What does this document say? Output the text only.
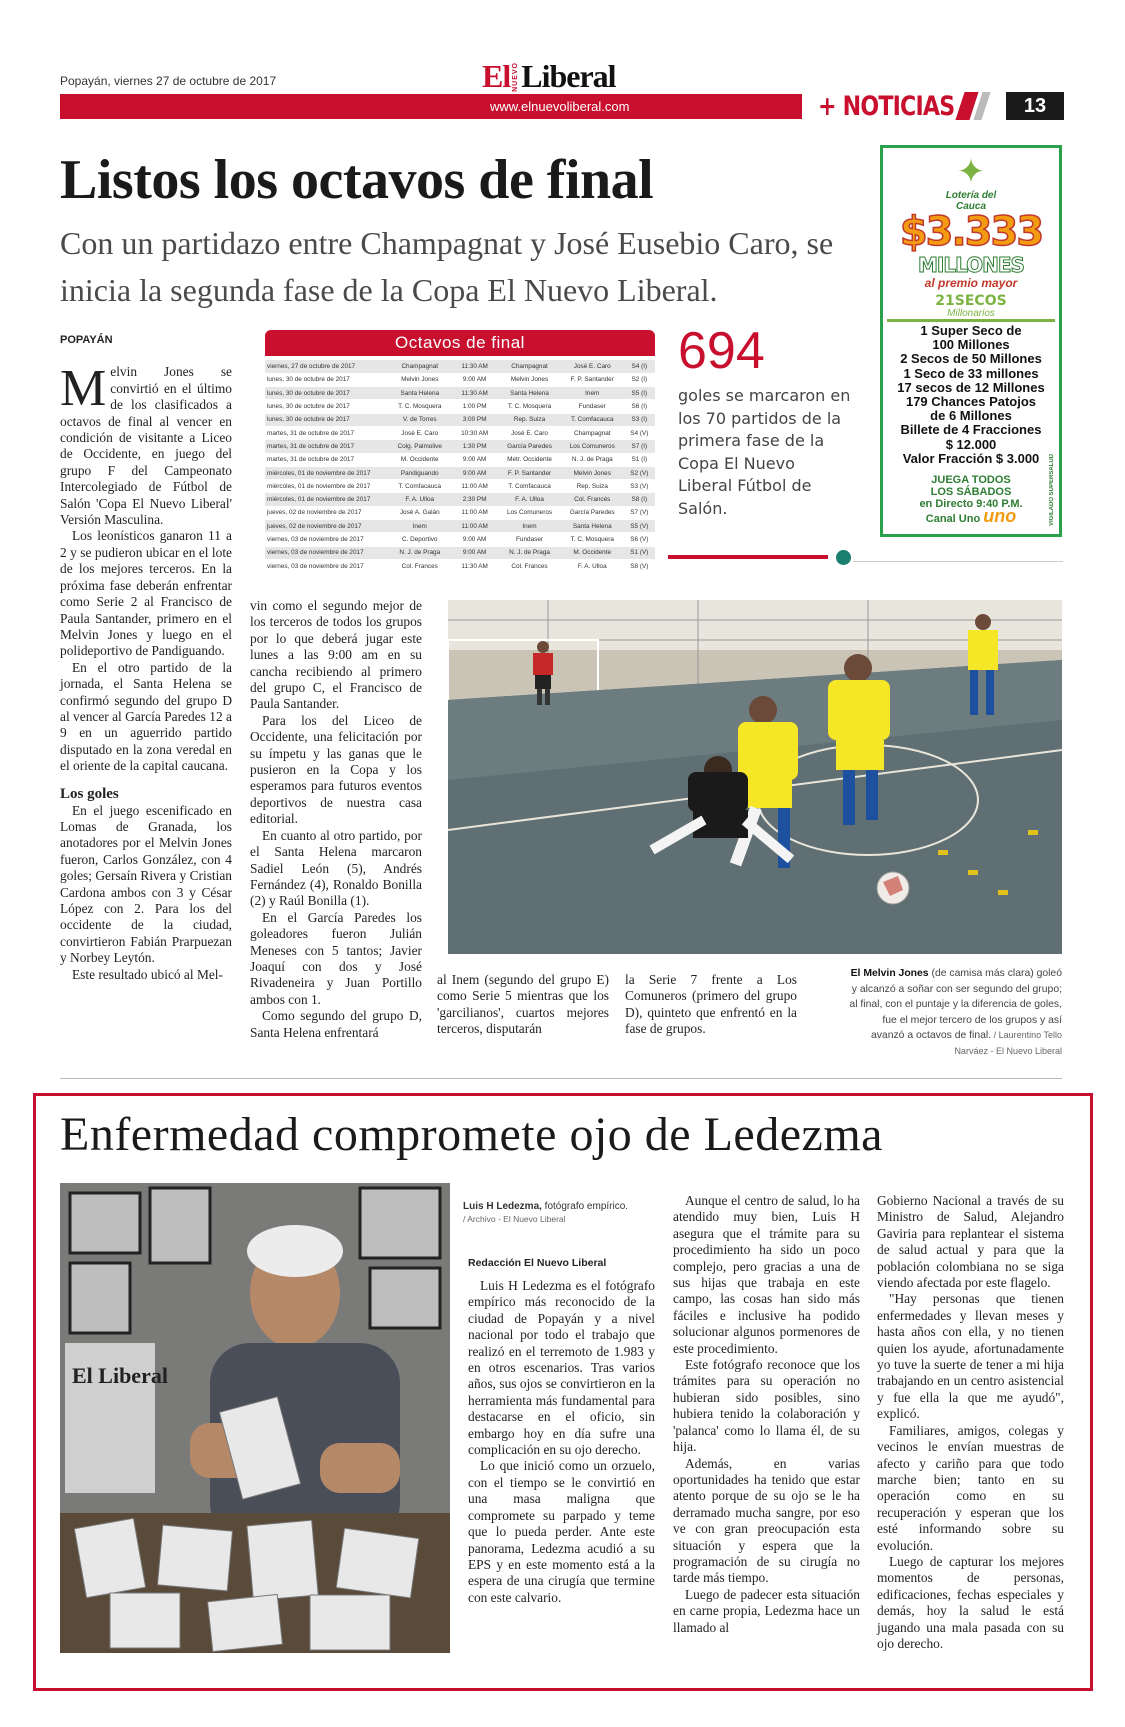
Popayán, viernes 27 de octubre de 2017	El NUEVO Liberal
www.elnuevoliberal.com	+ NOTICIAS	13
Listos los octavos de final
Con un partidazo entre Champagnat y José Eusebio Caro, se inicia la segunda fase de la Copa El Nuevo Liberal.
✦
Lotería del Cauca
$3.333
MILLONES
al premio mayor
21SECOS
Millonarios
1 Super Seco de
100 Millones
2 Secos de 50 Millones
1 Seco de 33 millones
17 secos de 12 Millones
179 Chances Patojos
de 6 Millones
Billete de 4 Fracciones
$ 12.000
Valor Fracción $ 3.000
JUEGA TODOS
LOS SÁBADOS
en Directo 9:40 P.M.
Canal Uno uno	VIGILADO SUPERSALUD
POPAYÁN

Melvin Jones se convirtió en el último de los clasificados a octavos de final al vencer en condición de visitante a Liceo de Occidente, en juego del grupo F del Campeonato Intercolegiado de Fútbol de Salón 'Copa El Nuevo Liberal' Versión Masculina.

Los leonísticos ganaron 11 a 2 y se pudieron ubicar en el lote de los mejores terceros. En la próxima fase deberán enfrentar como Serie 2 al Francisco de Paula Santander, primero en el Melvin Jones y luego en el polideportivo de Pandiguando.

En el otro partido de la jornada, el Santa Helena se confirmó segundo del grupo D al vencer al García Paredes 12 a 9 en un aguerrido partido disputado en la zona veredal en el oriente de la capital caucana.

Los goles

En el juego escenificado en Lomas de Granada, los anotadores por el Melvin Jones fueron, Carlos González, con 4 goles; Gersaín Rivera y Cristian Cardona ambos con 3 y César López con 2. Para los del occidente de la ciudad, convirtieron Fabián Prarpuezan y Norbey Leytón.

Este resultado ubicó al Mel-

vin como el segundo mejor de los terceros de todos los grupos por lo que deberá jugar este lunes a las 9:00 am en su cancha recibiendo al primero del grupo C, el Francisco de Paula Santander.

Para los del Liceo de Occidente, una felicitación por su ímpetu y las ganas que le pusieron en la Copa y los esperamos para futuros eventos deportivos de nuestra casa editorial.

En cuanto al otro partido, por el Santa Helena marcaron Sadiel León (5), Andrés Fernández (4), Ronaldo Bonilla (2) y Raúl Bonilla (1).

En el García Paredes los goleadores fueron Julián Meneses con 5 tantos; Javier Joaquí con dos y José Rivadeneira y Juan Portillo ambos con 1.

Como segundo del grupo D, Santa Helena enfrentará

al Inem (segundo del grupo E) como Serie 5 mientras que los 'garcilianos', cuartos mejores terceros, disputarán

la Serie 7 frente a Los Comuneros (primero del grupo D), quinteto que enfrentó en la fase de grupos.

Octavos de final
viernes, 27 de octubre de 2017	Champagnat	11:30 AM	Champagnat	José E. Caro	S4 (I)
lunes, 30 de octubre de 2017	Melvin Jones	9:00 AM	Melvin Jones	F. P. Santander	S2 (I)
lunes, 30 de octubre de 2017	Santa Helena	11:30 AM	Santa Helena	Inem	S5 (I)
lunes, 30 de octubre de 2017	T. C. Mosquera	1:00 PM	T. C. Mosquera	Fundaser	S6 (I)
lunes, 30 de octubre de 2017	V. de Torres	3:00 PM	Rep. Suiza	T. Comfacauca	S3 (I)
martes, 31 de octubre de 2017	José E. Caro	10:30 AM	José E. Caro	Champagnat	S4 (V)
martes, 31 de octubre de 2017	Colg. Palmolive	1:30 PM	García Paredes	Los Comuneros	S7 (I)
martes, 31 de octubre de 2017	M. Occidente	9:00 AM	Metr. Occidente	N. J. de Praga	S1 (I)
miércoles, 01 de noviembre de 2017	Pandiguando	9:00 AM	F. P. Santander	Melvin Jones	S2 (V)
miércoles, 01 de noviembre de 2017	T. Comfacauca	11:00 AM	T. Comfacauca	Rep. Suiza	S3 (V)
miércoles, 01 de noviembre de 2017	F. A. Ulloa	2:30 PM	F. A. Ulloa	Col. Francés	S8 (I)
jueves, 02 de noviembre de 2017	José A. Galán	11:00 AM	Los Comuneros	García Paredes	S7 (V)
jueves, 02 de noviembre de 2017	Inem	11:00 AM	Inem	Santa Helena	S5 (V)
viernes, 03 de noviembre de 2017	C. Deportivo	9:00 AM	Fundaser	T. C. Mosquera	S6 (V)
viernes, 03 de noviembre de 2017	N. J. de Praga	9:00 AM	N. J. de Praga	M. Occidente	S1 (V)
viernes, 03 de noviembre de 2017	Col. Frances	11:30 AM	Col. Frances	F. A. Ulloa	S8 (V)
694
goles se marcaron en los 70 partidos de la primera fase de la Copa El Nuevo Liberal Fútbol de Salón.
El Melvin Jones (de camisa más clara) goleó y alcanzó a soñar con ser segundo del grupo; al final, con el puntaje y la diferencia de goles, fue el mejor tercero de los grupos y así avanzó a octavos de final. / Laurentino Tello Narváez - El Nuevo Liberal
Enfermedad compromete ojo de Ledezma
El Liberal
Luis H Ledezma, fotógrafo empírico.
/ Archivo - El Nuevo Liberal
Redacción El Nuevo Liberal

Luis H Ledezma es el fotógrafo empírico más reconocido de la ciudad de Popayán y a nivel nacional por todo el trabajo que realizó en el terremoto de 1.983 y en otros escenarios. Tras varios años, sus ojos se convirtieron en la herramienta más fundamental para destacarse en el oficio, sin embargo hoy en día sufre una complicación en su ojo derecho.

Lo que inició como un orzuelo, con el tiempo se le convirtió en una masa maligna que compromete su parpado y teme que lo pueda perder. Ante este panorama, Ledezma acudió a su EPS y en este momento está a la espera de una cirugía que termine con este calvario.

Aunque el centro de salud, lo ha atendido muy bien, Luis H asegura que el trámite para su procedimiento ha sido un poco complejo, pero gracias a una de sus hijas que trabaja en este campo, las cosas han sido más fáciles e inclusive ha podido solucionar algunos pormenores de este procedimiento.

Este fotógrafo reconoce que los trámites para su operación no hubieran sido posibles, sino hubiera tenido la colaboración y 'palanca' como lo llama él, de su hija.

Además, en varias oportunidades ha tenido que estar atento porque de su ojo se le ha derramado mucha sangre, por eso ve con gran preocupación esta situación y espera que la programación de su cirugía no tarde más tiempo.

Luego de padecer esta situación en carne propia, Ledezma hace un llamado al

Gobierno Nacional a través de su Ministro de Salud, Alejandro Gaviria para replantear el sistema de salud actual y para que la población colombiana no se siga viendo afectada por este flagelo.

"Hay personas que tienen enfermedades y llevan meses y hasta años con ella, y no tienen quien los ayude, afortunadamente yo tuve la suerte de tener a mi hija trabajando en un centro asistencial y fue ella la que me ayudó", explicó.

Familiares, amigos, colegas y vecinos le envían muestras de afecto y cariño para que todo marche bien; tanto en su operación como en su recuperación y esperan que los esté informando sobre su evolución.

Luego de capturar los mejores momentos de personas, edificaciones, fechas especiales y demás, hoy la salud le está jugando una mala pasada con su ojo derecho.
